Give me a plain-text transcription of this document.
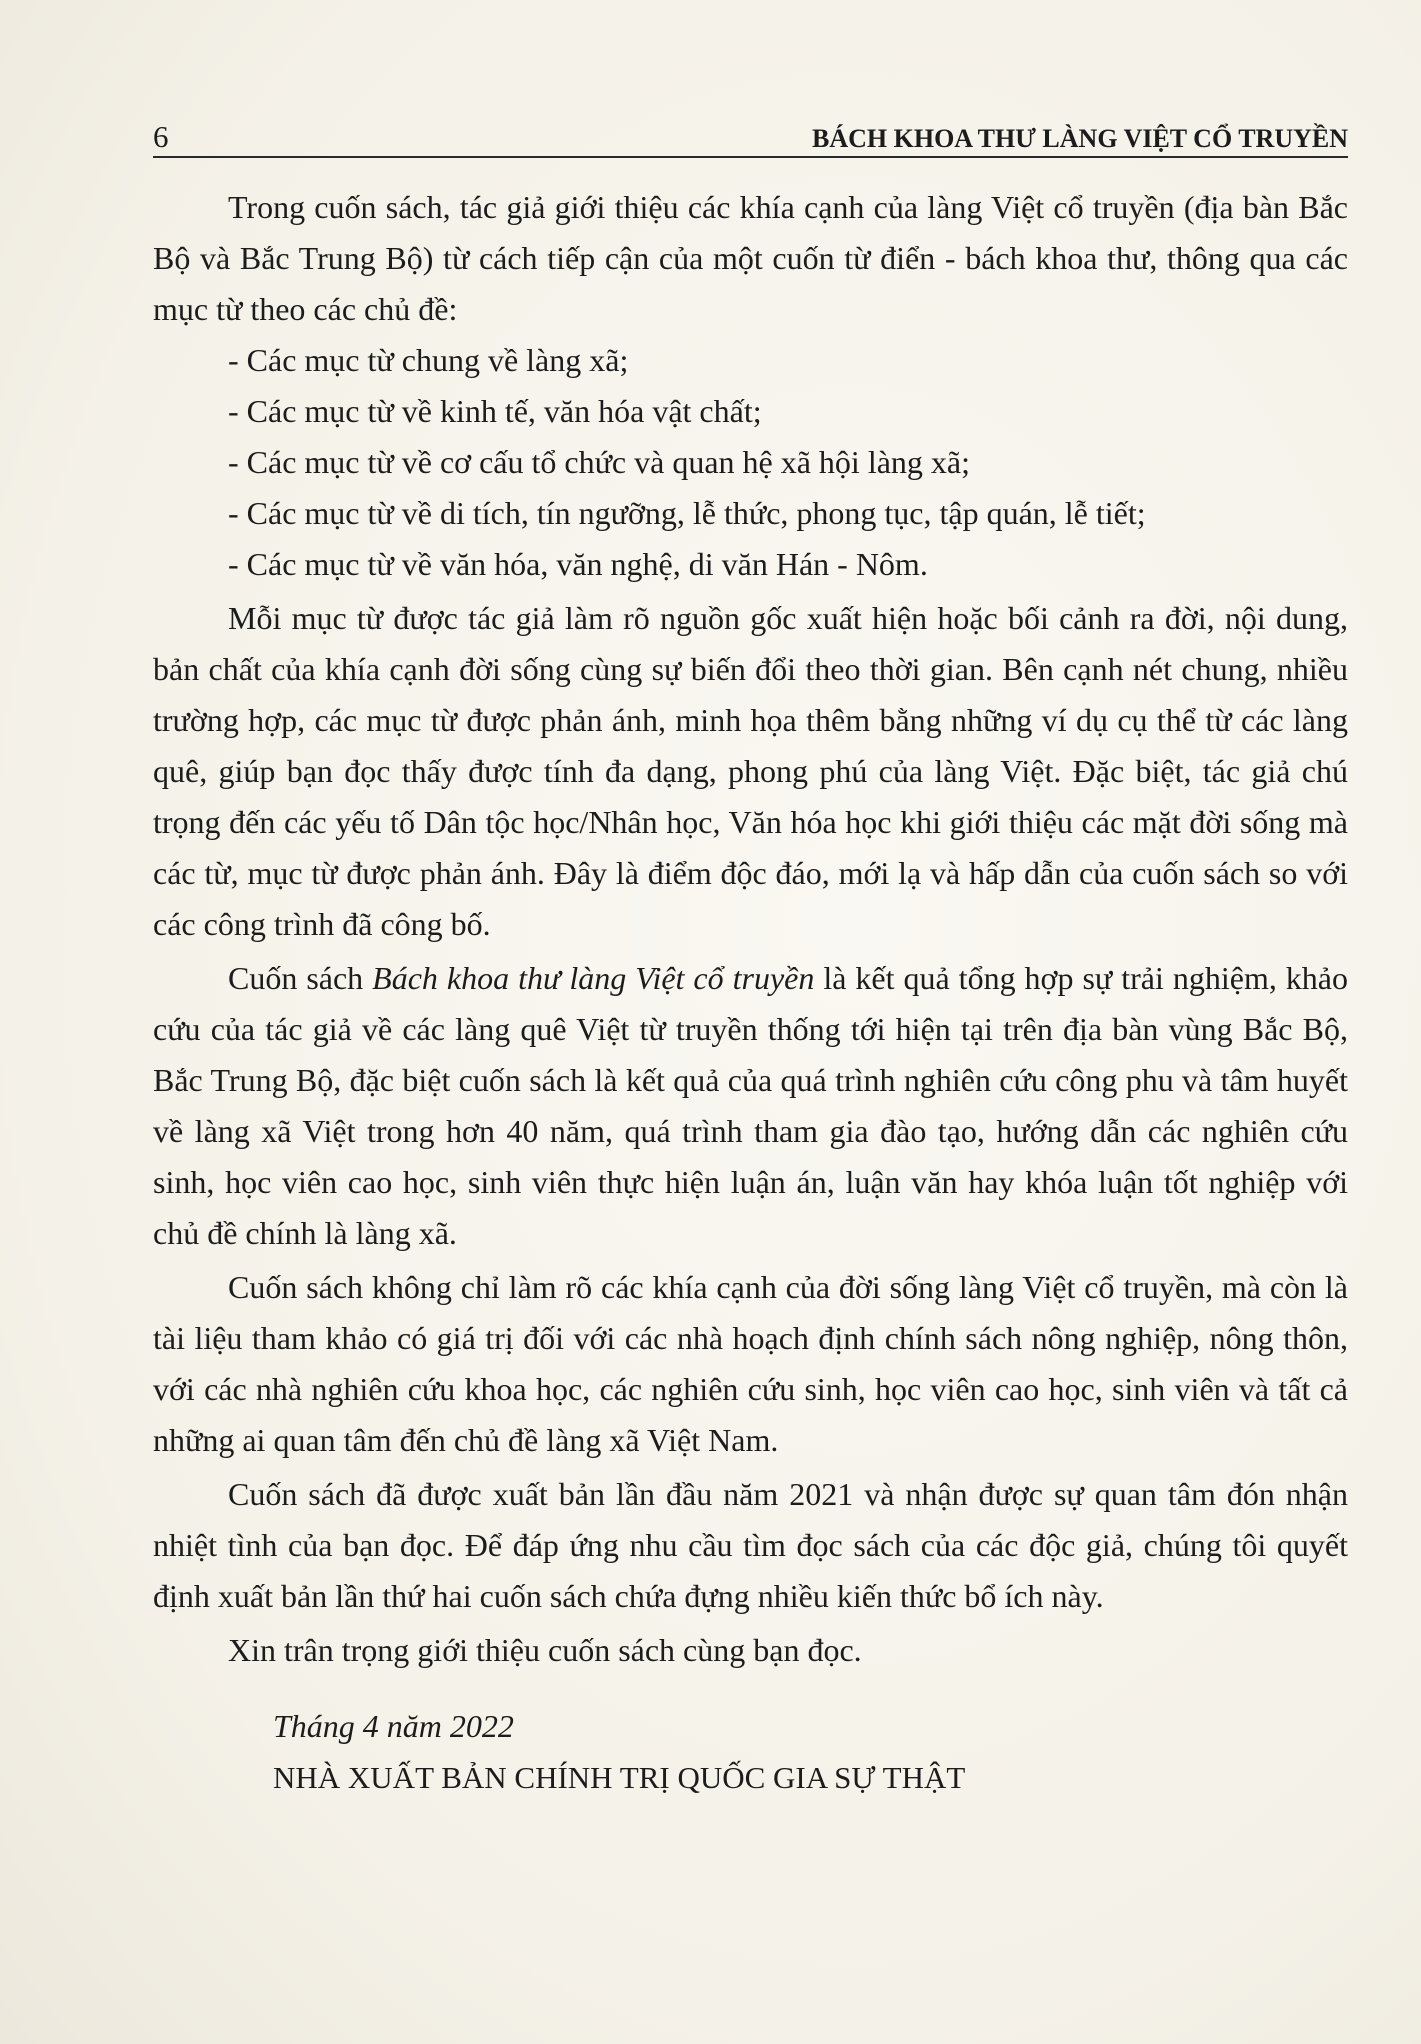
6	BÁCH KHOA THƯ LÀNG VIỆT CỔ TRUYỀN

Trong cuốn sách, tác giả giới thiệu các khía cạnh của làng Việt cổ truyền (địa bàn Bắc Bộ và Bắc Trung Bộ) từ cách tiếp cận của một cuốn từ điển - bách khoa thư, thông qua các mục từ theo các chủ đề:

- Các mục từ chung về làng xã;

- Các mục từ về kinh tế, văn hóa vật chất;

- Các mục từ về cơ cấu tổ chức và quan hệ xã hội làng xã;

- Các mục từ về di tích, tín ngưỡng, lễ thức, phong tục, tập quán, lễ tiết;

- Các mục từ về văn hóa, văn nghệ, di văn Hán - Nôm.

Mỗi mục từ được tác giả làm rõ nguồn gốc xuất hiện hoặc bối cảnh ra đời, nội dung, bản chất của khía cạnh đời sống cùng sự biến đổi theo thời gian. Bên cạnh nét chung, nhiều trường hợp, các mục từ được phản ánh, minh họa thêm bằng những ví dụ cụ thể từ các làng quê, giúp bạn đọc thấy được tính đa dạng, phong phú của làng Việt. Đặc biệt, tác giả chú trọng đến các yếu tố Dân tộc học/Nhân học, Văn hóa học khi giới thiệu các mặt đời sống mà các từ, mục từ được phản ánh. Đây là điểm độc đáo, mới lạ và hấp dẫn của cuốn sách so với các công trình đã công bố.

Cuốn sách Bách khoa thư làng Việt cổ truyền là kết quả tổng hợp sự trải nghiệm, khảo cứu của tác giả về các làng quê Việt từ truyền thống tới hiện tại trên địa bàn vùng Bắc Bộ, Bắc Trung Bộ, đặc biệt cuốn sách là kết quả của quá trình nghiên cứu công phu và tâm huyết về làng xã Việt trong hơn 40 năm, quá trình tham gia đào tạo, hướng dẫn các nghiên cứu sinh, học viên cao học, sinh viên thực hiện luận án, luận văn hay khóa luận tốt nghiệp với chủ đề chính là làng xã.

Cuốn sách không chỉ làm rõ các khía cạnh của đời sống làng Việt cổ truyền, mà còn là tài liệu tham khảo có giá trị đối với các nhà hoạch định chính sách nông nghiệp, nông thôn, với các nhà nghiên cứu khoa học, các nghiên cứu sinh, học viên cao học, sinh viên và tất cả những ai quan tâm đến chủ đề làng xã Việt Nam.

Cuốn sách đã được xuất bản lần đầu năm 2021 và nhận được sự quan tâm đón nhận nhiệt tình của bạn đọc. Để đáp ứng nhu cầu tìm đọc sách của các độc giả, chúng tôi quyết định xuất bản lần thứ hai cuốn sách chứa đựng nhiều kiến thức bổ ích này.

Xin trân trọng giới thiệu cuốn sách cùng bạn đọc.

Tháng 4 năm 2022

NHÀ XUẤT BẢN CHÍNH TRỊ QUỐC GIA SỰ THẬT
